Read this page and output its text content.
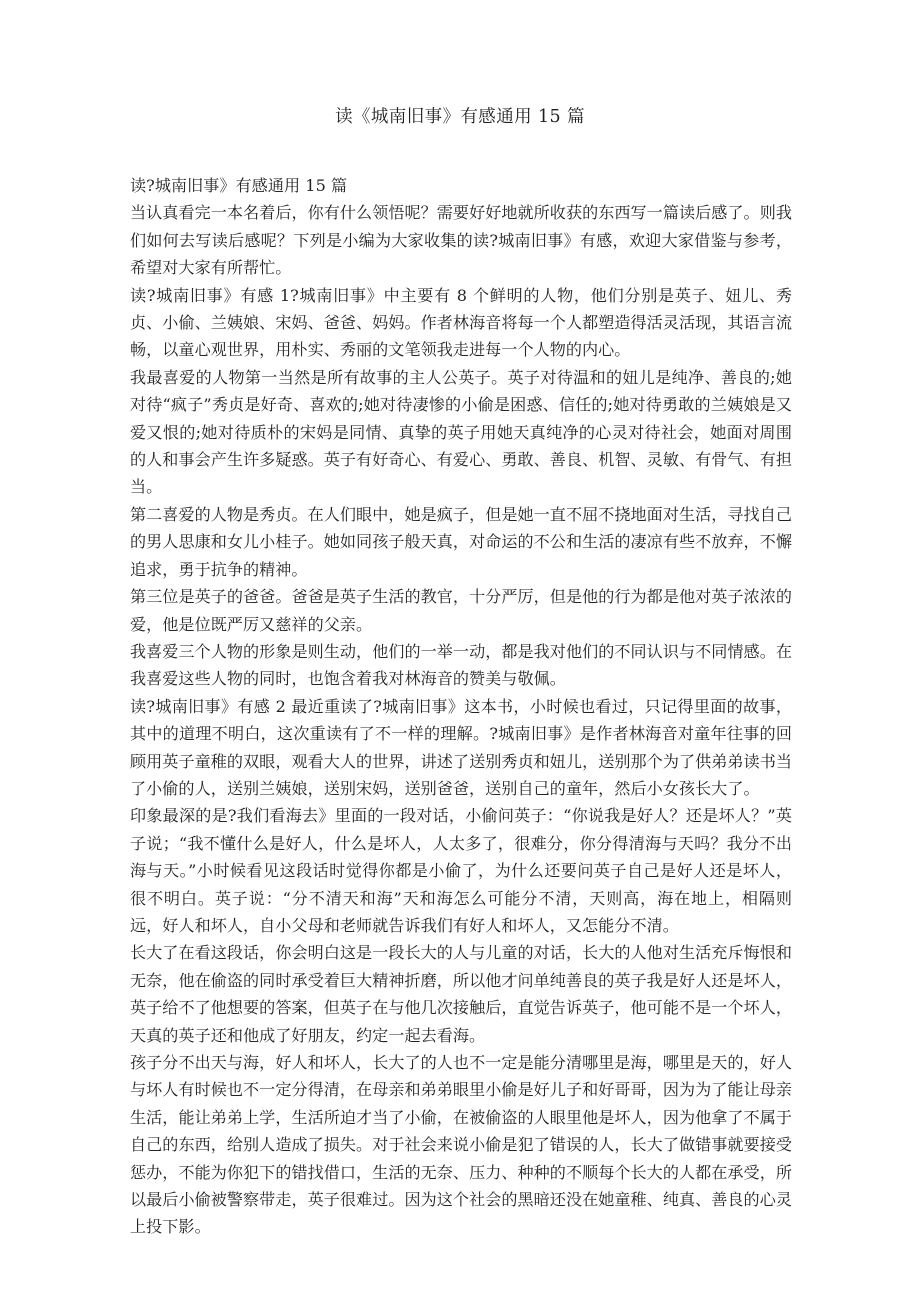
读《城南旧事》有感通用 15 篇

读?城南旧事》有感通用 15 篇

当认真看完一本名着后，你有什么领悟呢？需要好好地就所收获的东西写一篇读后感了。则我们如何去写读后感呢？下列是小编为大家收集的读?城南旧事》有感，欢迎大家借鉴与参考，希望对大家有所帮忙。

读?城南旧事》有感 1?城南旧事》中主要有 8 个鲜明的人物，他们分别是英子、妞儿、秀贞、小偷、兰姨娘、宋妈、爸爸、妈妈。作者林海音将每一个人都塑造得活灵活现，其语言流畅，以童心观世界，用朴实、秀丽的文笔领我走进每一个人物的内心。

我最喜爱的人物第一当然是所有故事的主人公英子。英子对待温和的妞儿是纯净、善良的;她对待“疯子”秀贞是好奇、喜欢的;她对待凄惨的小偷是困惑、信任的;她对待勇敢的兰姨娘是又爱又恨的;她对待质朴的宋妈是同情、真挚的英子用她天真纯净的心灵对待社会，她面对周围的人和事会产生许多疑惑。英子有好奇心、有爱心、勇敢、善良、机智、灵敏、有骨气、有担当。

第二喜爱的人物是秀贞。在人们眼中，她是疯子，但是她一直不屈不挠地面对生活，寻找自己的男人思康和女儿小桂子。她如同孩子般天真，对命运的不公和生活的凄凉有些不放弃，不懈追求，勇于抗争的精神。

第三位是英子的爸爸。爸爸是英子生活的教官，十分严厉，但是他的行为都是他对英子浓浓的爱，他是位既严厉又慈祥的父亲。

我喜爱三个人物的形象是则生动，他们的一举一动，都是我对他们的不同认识与不同情感。在我喜爱这些人物的同时，也饱含着我对林海音的赞美与敬佩。

读?城南旧事》有感 2 最近重读了?城南旧事》这本书，小时候也看过，只记得里面的故事，其中的道理不明白，这次重读有了不一样的理解。?城南旧事》是作者林海音对童年往事的回顾用英子童稚的双眼，观看大人的世界，讲述了送别秀贞和妞儿，送别那个为了供弟弟读书当了小偷的人，送别兰姨娘，送别宋妈，送别爸爸，送别自己的童年，然后小女孩长大了。

印象最深的是?我们看海去》里面的一段对话，小偷问英子：“你说我是好人？还是坏人？”英子说；“我不懂什么是好人，什么是坏人，人太多了，很难分，你分得清海与天吗？我分不出海与天。”小时候看见这段话时觉得你都是小偷了，为什么还要问英子自己是好人还是坏人，很不明白。英子说：“分不清天和海”天和海怎么可能分不清，天则高，海在地上，相隔则远，好人和坏人，自小父母和老师就告诉我们有好人和坏人，又怎能分不清。

长大了在看这段话，你会明白这是一段长大的人与儿童的对话，长大的人他对生活充斥悔恨和无奈，他在偷盗的同时承受着巨大精神折磨，所以他才问单纯善良的英子我是好人还是坏人，英子给不了他想要的答案，但英子在与他几次接触后，直觉告诉英子，他可能不是一个坏人，天真的英子还和他成了好朋友，约定一起去看海。

孩子分不出天与海，好人和坏人，长大了的人也不一定是能分清哪里是海，哪里是天的，好人与坏人有时候也不一定分得清，在母亲和弟弟眼里小偷是好儿子和好哥哥，因为为了能让母亲生活，能让弟弟上学，生活所迫才当了小偷，在被偷盗的人眼里他是坏人，因为他拿了不属于自己的东西，给别人造成了损失。对于社会来说小偷是犯了错误的人，长大了做错事就要接受惩办，不能为你犯下的错找借口，生活的无奈、压力、种种的不顺每个长大的人都在承受，所以最后小偷被警察带走，英子很难过。因为这个社会的黑暗还没在她童稚、纯真、善良的心灵上投下影。
